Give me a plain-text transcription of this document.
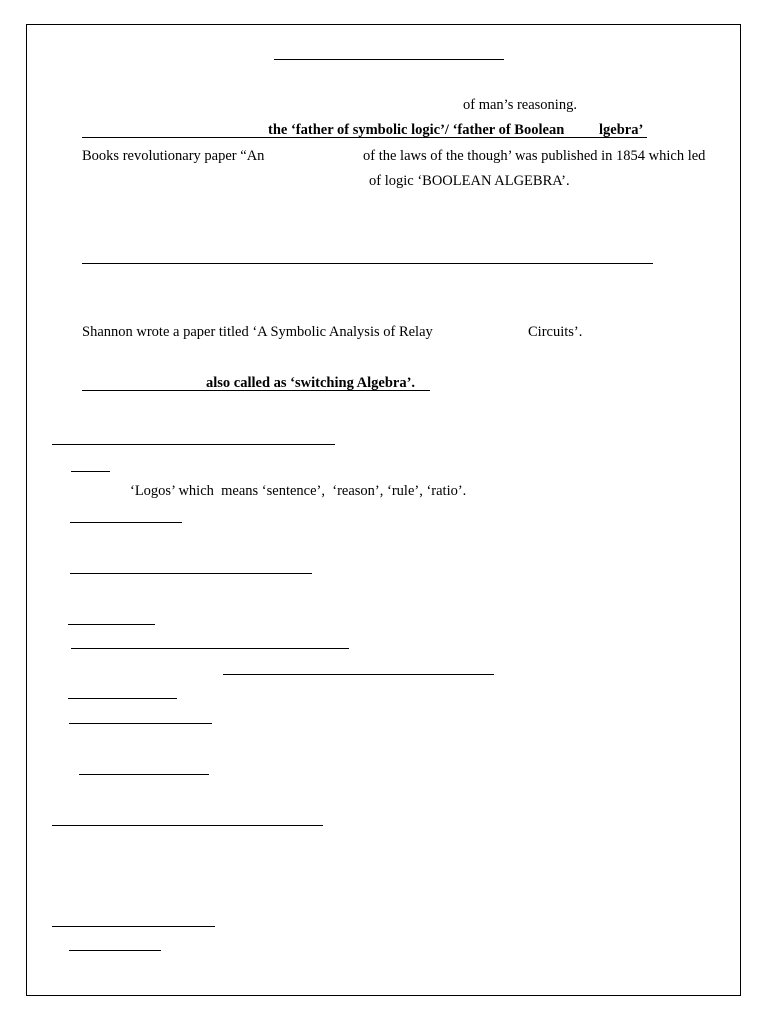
of man’s reasoning.
the ‘father of symbolic logic’/ ‘father of Boolean lgebra’
Books revolutionary paper “An	of the laws of the though’ was published in 1854 which led
of logic ‘BOOLEAN ALGEBRA’.
Shannon wrote a paper titled ‘A Symbolic Analysis of Relay	Circuits’.
also called as ‘switching Algebra’.
‘Logos’ which  means ‘sentence’,  ‘reason’, ‘rule’, ‘ratio’.
